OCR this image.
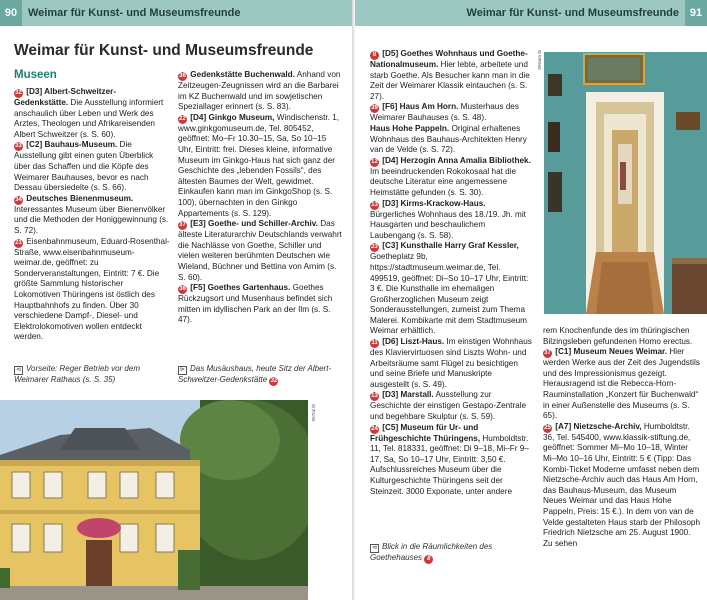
90 Weimar für Kunst- und Museumsfreunde	Weimar für Kunst- und Museumsfreunde 91
Weimar für Kunst- und Museumsfreunde
Museen

32 [D3] Albert-Schweitzer-Gedenkstätte. Die Ausstellung informiert anschaulich über Leben und Werk des Arztes, Theologen und Afrikareisenden Albert Schweitzer (s. S. 60).

33 [C2] Bauhaus-Museum. Die Ausstellung gibt einen guten Überblick über das Schaffen und die Köpfe des Weimarer Bauhauses, bevor es nach Dessau übersiedelte (s. S. 66).

34 Deutsches Bienenmuseum. Interessantes Museum über Bienenvölker und die Methoden der Honiggewinnung (s. S. 72).

21 Eisenbahnmuseum, Eduard-Rosenthal-Straße, www.eisenbahnmuseum-weimar.de, geöffnet: zu Sonderveranstaltungen, Eintritt: 7 €. Die größte Sammlung historischer Lokomotiven Thüringens ist östlich des Hauptbahnhofs zu finden. Über 30 verschiedene Dampf-, Diesel- und Elektrolokomotiven wollen entdeckt werden.

36 Gedenkstätte Buchenwald. Anhand von Zeitzeugen-Zeugnissen wird an die Barbarei im KZ Buchenwald und im sowjetischen Speziallager erinnert (s. S. 83).

22 [D4] Ginkgo Museum, Windischenstr. 1, www.ginkgomuseum.de, Tel. 805452, geöffnet: Mo–Fr 10.30–15, Sa, So 10–15 Uhr, Eintritt: frei. Dieses kleine, informative Museum im Ginkgo-Haus hat sich ganz der Geschichte des „lebenden Fossils“, des ältesten Baumes der Welt, gewidmet. Einkaufen kann man im GinkgoShop (s. S. 100), übernachten in den Ginkgo Appartements (s. S. 129).

37 [E3] Goethe- und Schiller-Archiv. Das älteste Literaturarchiv Deutschlands verwahrt die Nachlässe von Goethe, Schiller und vielen weiteren berühmten Deutschen wie Wieland, Büchner und Bettina von Arnim (s. S. 60).

38 [F5] Goethes Gartenhaus. Goethes Rückzugsort und Musenhaus befindet sich mitten im idyllischen Park an der Ilm (s. S. 47).

8 [D5] Goethes Wohnhaus und Goethe-Nationalmuseum. Hier lebte, arbeitete und starb Goethe. Als Besucher kann man in die Zeit der Weimarer Klassik eintauchen (s. S. 27).

39 [F6] Haus Am Horn. Musterhaus des Weimarer Bauhauses (s. S. 48).

Haus Hohe Pappeln. Original erhaltenes Wohnhaus des Bauhaus-Architekten Henry van de Velde (s. S. 72).

12 [D4] Herzogin Anna Amalia Bibliothek. Im beeindruckenden Rokokosaal hat die deutsche Literatur eine angemessene Heimstätte gefunden (s. S. 30).

13 [D3] Kirms-Krackow-Haus. Bürgerliches Wohnhaus des 18./19. Jh. mit Hausgarten und beschaulichem Laubengang (s. S. 58).

23 [C3] Kunsthalle Harry Graf Kessler, Goetheplatz 9b, https://stadtmuseum.weimar.de, Tel. 499519, geöffnet: Di–So 10–17 Uhr, Eintritt: 3 €. Die Kunsthalle im ehemaligen Großherzoglichen Museum zeigt Sonderausstellungen, zumeist zum Thema Malerei. Kombikarte mit dem Stadtmuseum Weimar erhältlich.

11 [D6] Liszt-Haus. Im einstigen Wohnhaus des Klaviervirtuosen sind Liszts Wohn- und Arbeitsräume samt Flügel zu besichtigen und seine Briefe und Manuskripte ausgestellt (s. S. 49).

13 [D3] Marstall. Ausstellung zur Geschichte der einstigen Gestapo-Zentrale und begehbare Skulptur (s. S. 59).

24 [C5] Museum für Ur- und Frühgeschichte Thüringens, Humboldtstr. 11, Tel. 818331, geöffnet: Di 9–18, Mi–Fr 9–17, Sa, So 10–17 Uhr, Eintritt: 3,50 €. Aufschlussreiches Museum über die Kulturgeschichte Thüringens seit der Steinzeit. 3000 Exponate, unter andere

rem Knochenfunde des im thüringischen Bilzingsleben gefundenen Homo erectus.

37 [C1] Museum Neues Weimar. Hier werden Werke aus der Zeit des Jugendstils und des Impressionismus gezeigt. Herausragend ist die Rebecca-Horn-Rauminstallation „Konzert für Buchenwald“ in einer Außenstelle des Museums (s. S. 65).

25 [A7] Nietzsche-Archiv, Humboldtstr. 36, Tel. 545400, www.klassik-stiftung.de, geöffnet: Sommer Mi–Mo 10–18, Winter Mi–Mo 10–16 Uhr, Eintritt: 5 € (Tipp: Das Kombi-Ticket Moderne umfasst neben dem Nietzsche-Archiv auch das Haus Am Horn, das Bauhaus-Museum, das Museum Neues Weimar und das Haus Hohe Pappeln, Preis: 15 €.). In dem von van de Velde gestalteten Haus starb der Philosoph Friedrich Nietzsche am 25. August 1900. Zu sehen

⊲ Vorseite: Reger Betrieb vor dem Weimarer Rathaus (s. S. 35)
⊳ Das Musäushaus, heute Sitz der Albert-Schweitzer-Gedenkstätte 32
⊲ Blick in die Räumlichkeiten des Goethehauses 8
067ml tb
095wm tb
